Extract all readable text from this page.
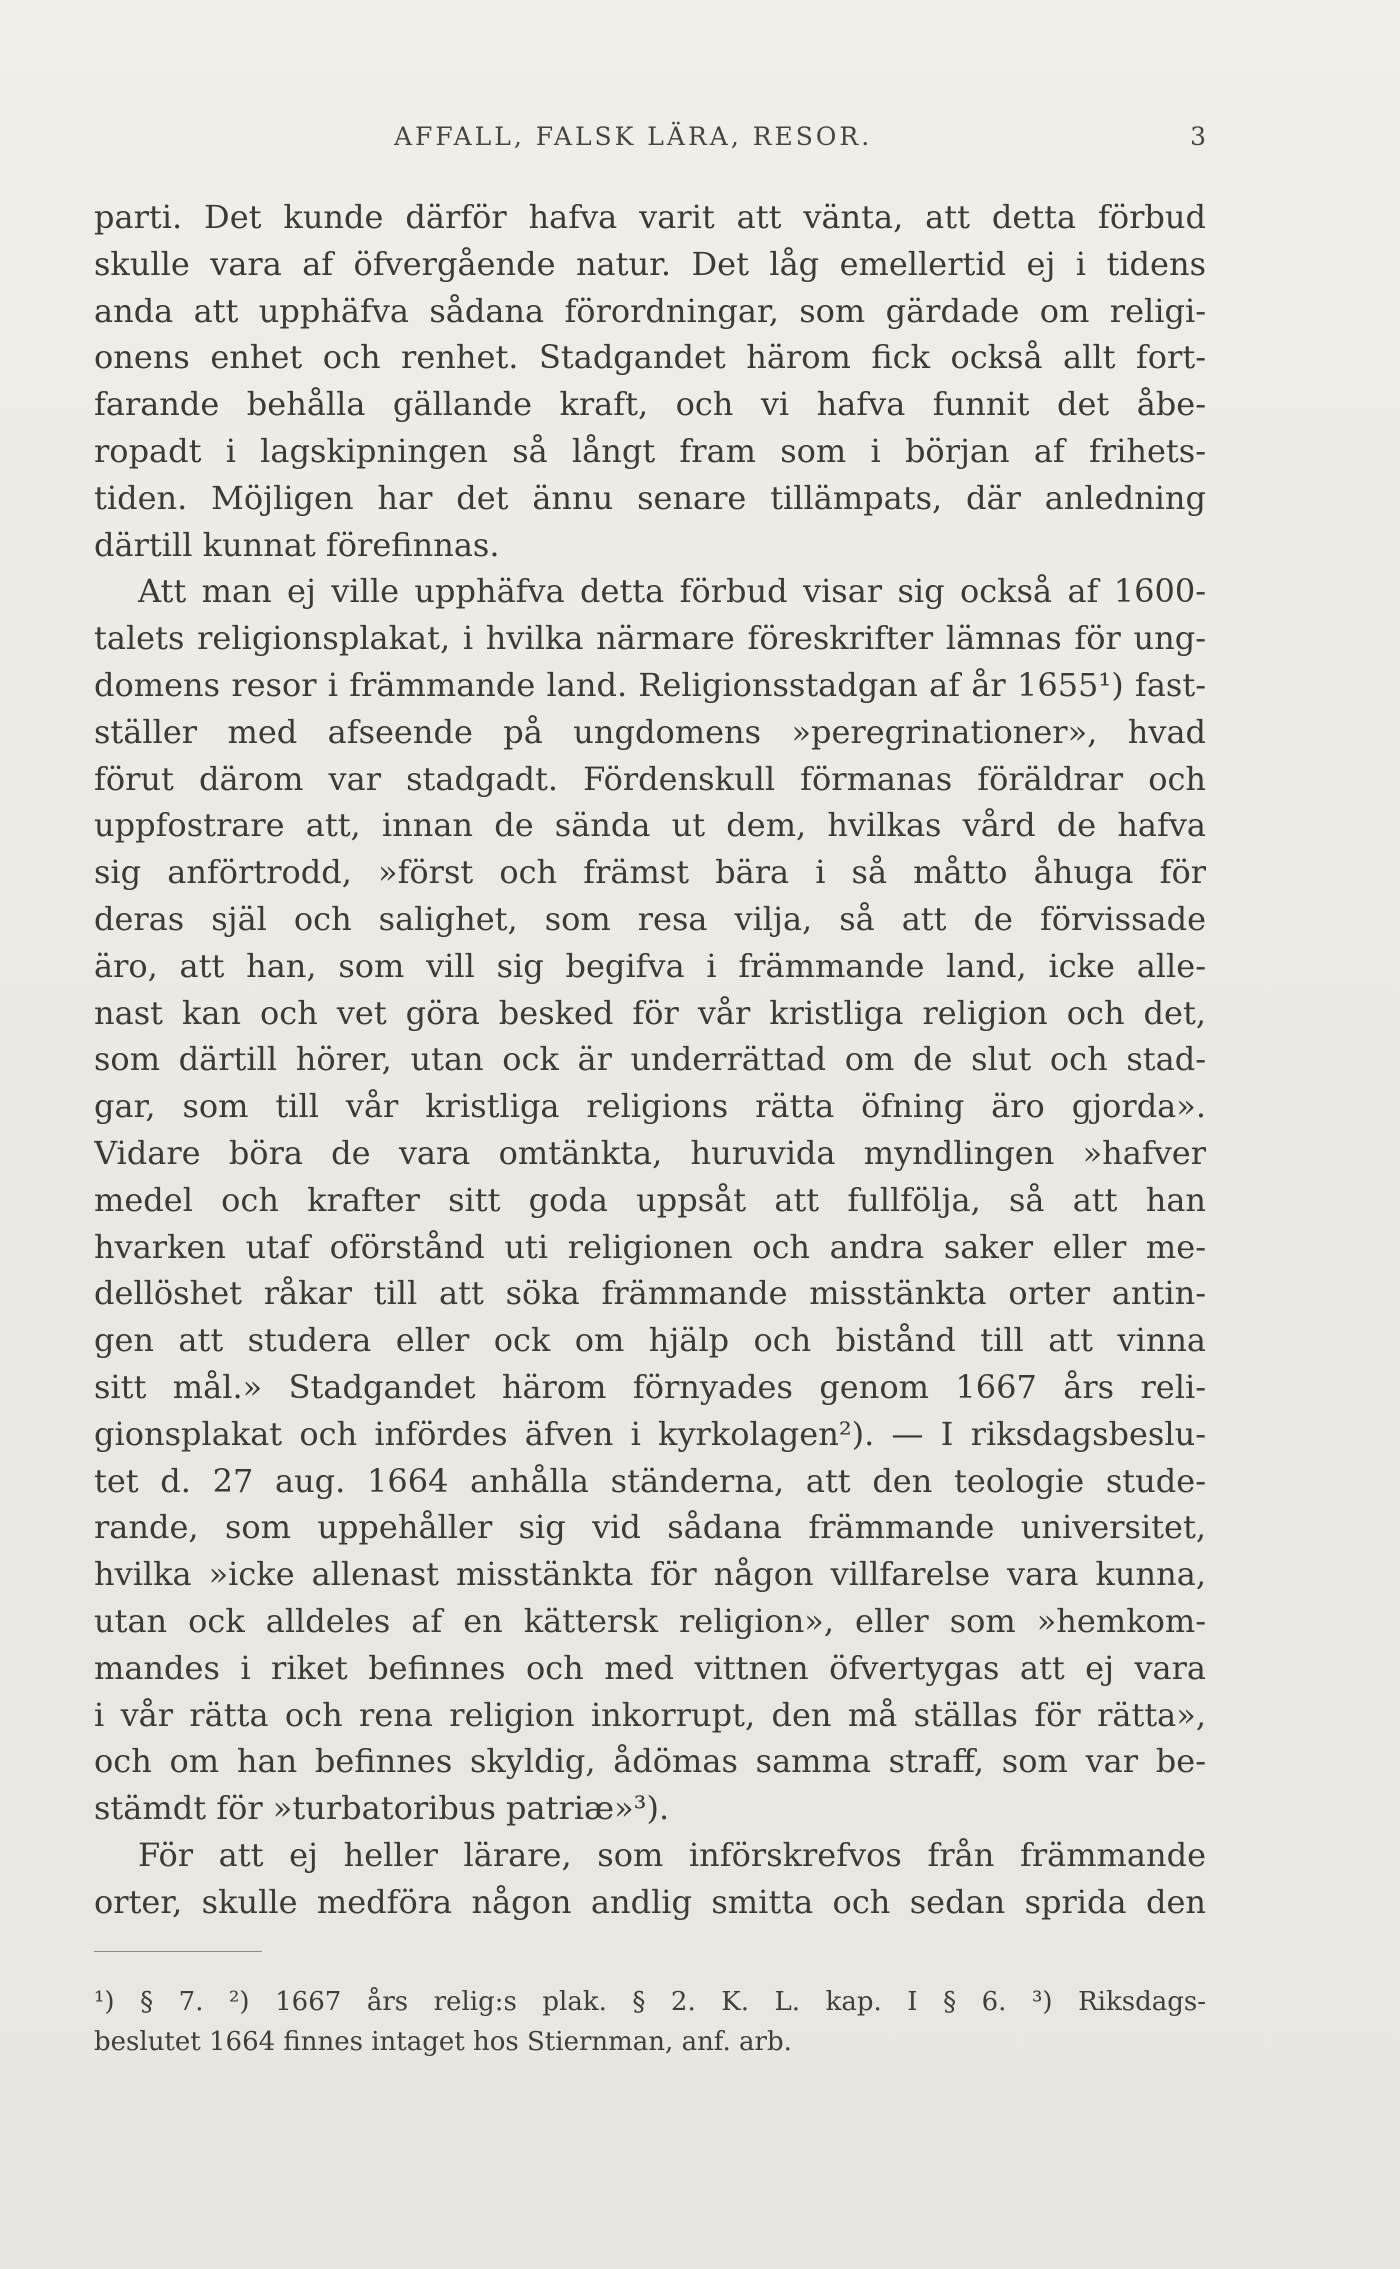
AFFALL, FALSK LÄRA, RESOR.	3
parti. Det kunde därför hafva varit att vänta, att detta förbud
skulle vara af öfvergående natur. Det låg emellertid ej i tidens
anda att upphäfva sådana förordningar, som gärdade om religi-
onens enhet och renhet. Stadgandet härom fick också allt fort-
farande behålla gällande kraft, och vi hafva funnit det åbe-
ropadt i lagskipningen så långt fram som i början af frihets-
tiden. Möjligen har det ännu senare tillämpats, där anledning
därtill kunnat förefinnas.
Att man ej ville upphäfva detta förbud visar sig också af 1600-
talets religionsplakat, i hvilka närmare föreskrifter lämnas för ung-
domens resor i främmande land. Religionsstadgan af år 1655¹) fast-
ställer med afseende på ungdomens »peregrinationer», hvad
förut därom var stadgadt. Fördenskull förmanas föräldrar och
uppfostrare att, innan de sända ut dem, hvilkas vård de hafva
sig anförtrodd, »först och främst bära i så måtto åhuga för
deras själ och salighet, som resa vilja, så att de förvissade
äro, att han, som vill sig begifva i främmande land, icke alle-
nast kan och vet göra besked för vår kristliga religion och det,
som därtill hörer, utan ock är underrättad om de slut och stad-
gar, som till vår kristliga religions rätta öfning äro gjorda».
Vidare böra de vara omtänkta, huruvida myndlingen »hafver
medel och krafter sitt goda uppsåt att fullfölja, så att han
hvarken utaf oförstånd uti religionen och andra saker eller me-
dellöshet råkar till att söka främmande misstänkta orter antin-
gen att studera eller ock om hjälp och bistånd till att vinna
sitt mål.» Stadgandet härom förnyades genom 1667 års reli-
gionsplakat och infördes äfven i kyrkolagen²). — I riksdagsbeslu-
tet d. 27 aug. 1664 anhålla ständerna, att den teologie stude-
rande, som uppehåller sig vid sådana främmande universitet,
hvilka »icke allenast misstänkta för någon villfarelse vara kunna,
utan ock alldeles af en kättersk religion», eller som »hemkom-
mandes i riket befinnes och med vittnen öfvertygas att ej vara
i vår rätta och rena religion inkorrupt, den må ställas för rätta»,
och om han befinnes skyldig, ådömas samma straff, som var be-
stämdt för »turbatoribus patriæ»³).
För att ej heller lärare, som införskrefvos från främmande
orter, skulle medföra någon andlig smitta och sedan sprida den
¹) § 7. ²) 1667 års relig:s plak. § 2. K. L. kap. I § 6. ³) Riksdags-
beslutet 1664 finnes intaget hos Stiernman, anf. arb.
